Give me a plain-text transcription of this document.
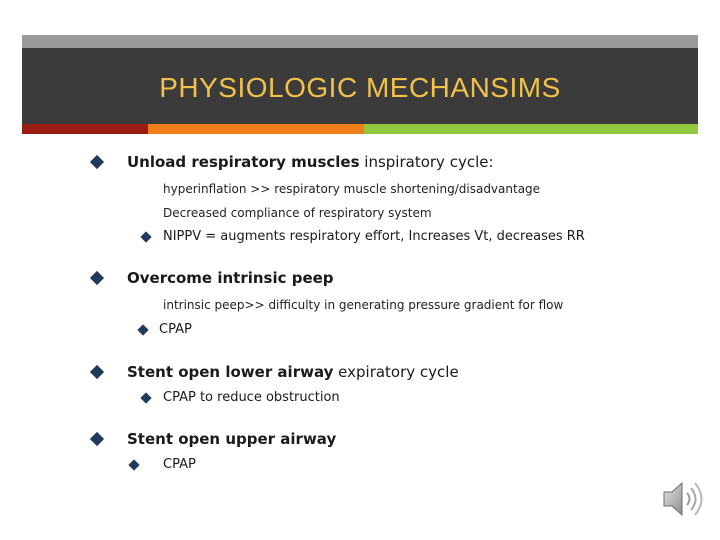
PHYSIOLOGIC MECHANSIMS
Unload respiratory muscles inspiratory cycle:
hyperinflation >> respiratory muscle shortening/disadvantage
Decreased compliance of respiratory system
NIPPV = augments respiratory effort, Increases Vt, decreases RR
Overcome intrinsic peep
intrinsic peep>> difficulty in generating pressure gradient for flow
CPAP
Stent open lower airway expiratory cycle
CPAP to reduce obstruction
Stent open upper airway
CPAP
